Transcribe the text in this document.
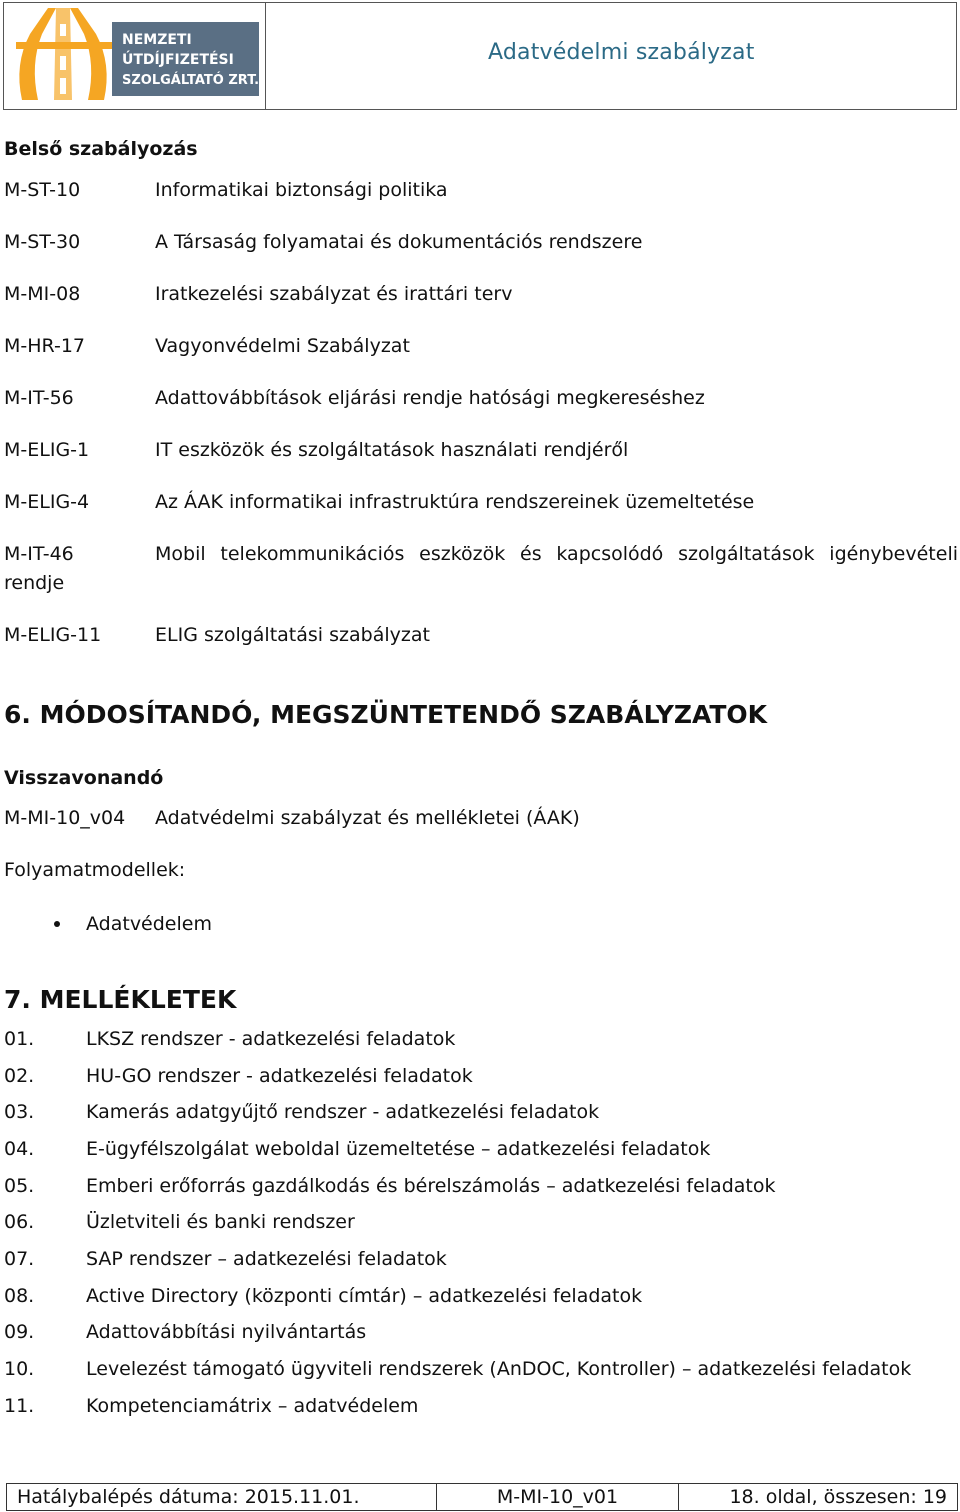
NEMZETI
ÚTDÍJFIZETÉSI
SZOLGÁLTATÓ ZRT.
Adatvédelmi szabályzat
Belső szabályozás
M-ST-10	Informatikai biztonsági politika
M-ST-30	A Társaság folyamatai és dokumentációs rendszere
M-MI-08	Iratkezelési szabályzat és irattári terv
M-HR-17	Vagyonvédelmi Szabályzat
M-IT-56	Adattovábbítások eljárási rendje hatósági megkereséshez
M-ELIG-1	IT eszközök és szolgáltatások használati rendjéről
M-ELIG-4	Az ÁAK informatikai infrastruktúra rendszereinek üzemeltetése
M-IT-46	Mobil telekommunikációs eszközök és kapcsolódó szolgáltatások igénybevételi
rendje
M-ELIG-11	ELIG szolgáltatási szabályzat
6. MÓDOSÍTANDÓ, MEGSZÜNTETENDŐ SZABÁLYZATOK
Visszavonandó
M-MI-10_v04 Adatvédelmi szabályzat és mellékletei (ÁAK)
Folyamatmodellek:
Adatvédelem
7. MELLÉKLETEK
01.	LKSZ rendszer - adatkezelési feladatok
02.	HU-GO rendszer - adatkezelési feladatok
03.	Kamerás adatgyűjtő rendszer - adatkezelési feladatok
04.	E-ügyfélszolgálat weboldal üzemeltetése – adatkezelési feladatok
05.	Emberi erőforrás gazdálkodás és bérelszámolás – adatkezelési feladatok
06.	Üzletviteli és banki rendszer
07.	SAP rendszer – adatkezelési feladatok
08.	Active Directory (központi címtár) – adatkezelési feladatok
09.	Adattovábbítási nyilvántartás
10.	Levelezést támogató ügyviteli rendszerek (AnDOC, Kontroller) – adatkezelési feladatok
11.	Kompetenciamátrix – adatvédelem
Hatálybalépés dátuma: 2015.11.01.	M-MI-10_v01	18. oldal, összesen: 19
